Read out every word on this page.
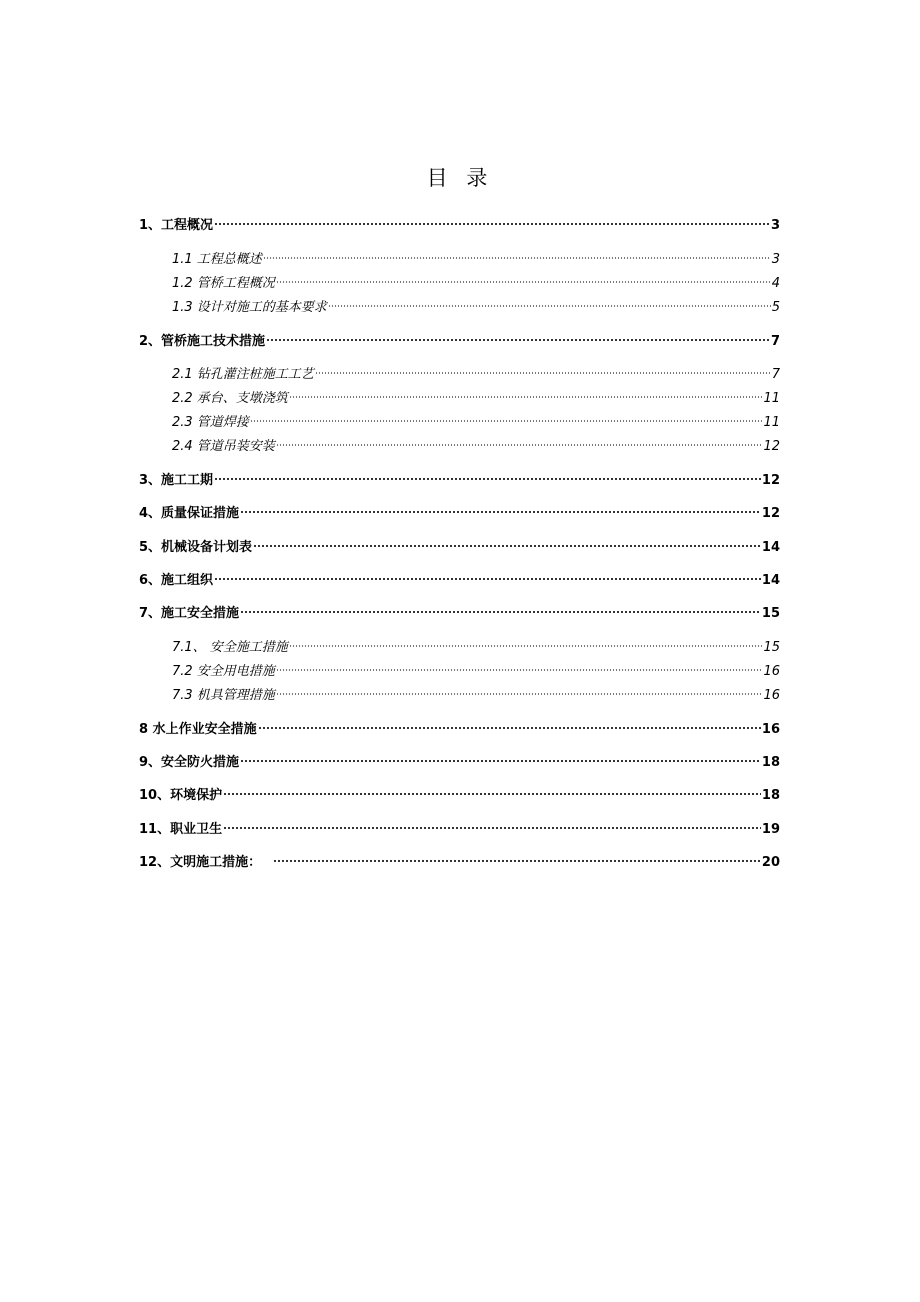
目 录
1、工程概况	3
1.1 工程总概述	3
1.2 管桥工程概况	4
1.3 设计对施工的基本要求	5
2、管桥施工技术措施	7
2.1 钻孔灌注桩施工工艺	7
2.2 承台、支墩浇筑	11
2.3 管道焊接	11
2.4 管道吊装安装	12
3、施工工期	12
4、质量保证措施	12
5、机械设备计划表	14
6、施工组织	14
7、施工安全措施	15
7.1、 安全施工措施	15
7.2 安全用电措施	16
7.3 机具管理措施	16
8 水上作业安全措施	16
9、安全防火措施	18
10、环境保护	18
11、职业卫生	19
12、文明施工措施：	20
